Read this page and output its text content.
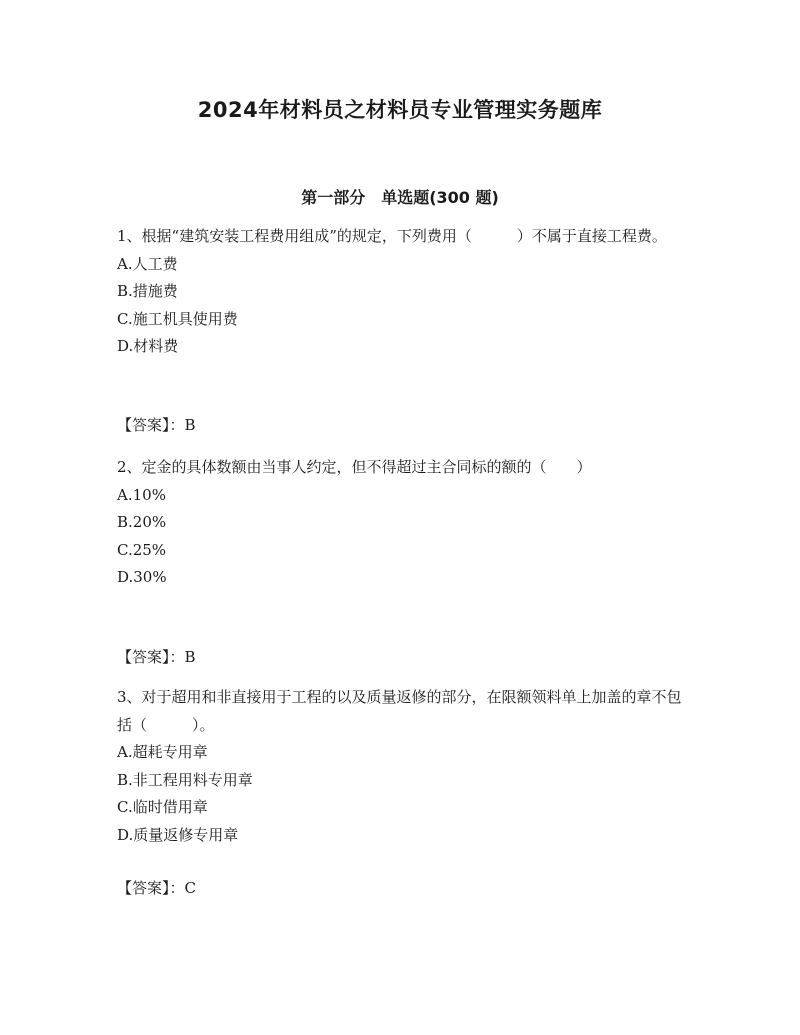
2024年材料员之材料员专业管理实务题库
第一部分　单选题(300 题)

1、根据“建筑安装工程费用组成”的规定，下列费用（　　　）不属于直接工程费。

A.人工费

B.措施费

C.施工机具使用费

D.材料费

【答案】：B

2、定金的具体数额由当事人约定，但不得超过主合同标的额的（　　）

A.10%

B.20%

C.25%

D.30%

【答案】：B

3、对于超用和非直接用于工程的以及质量返修的部分，在限额领料单上加盖的章不包括（　　　）。

A.超耗专用章

B.非工程用料专用章

C.临时借用章

D.质量返修专用章

【答案】：C
